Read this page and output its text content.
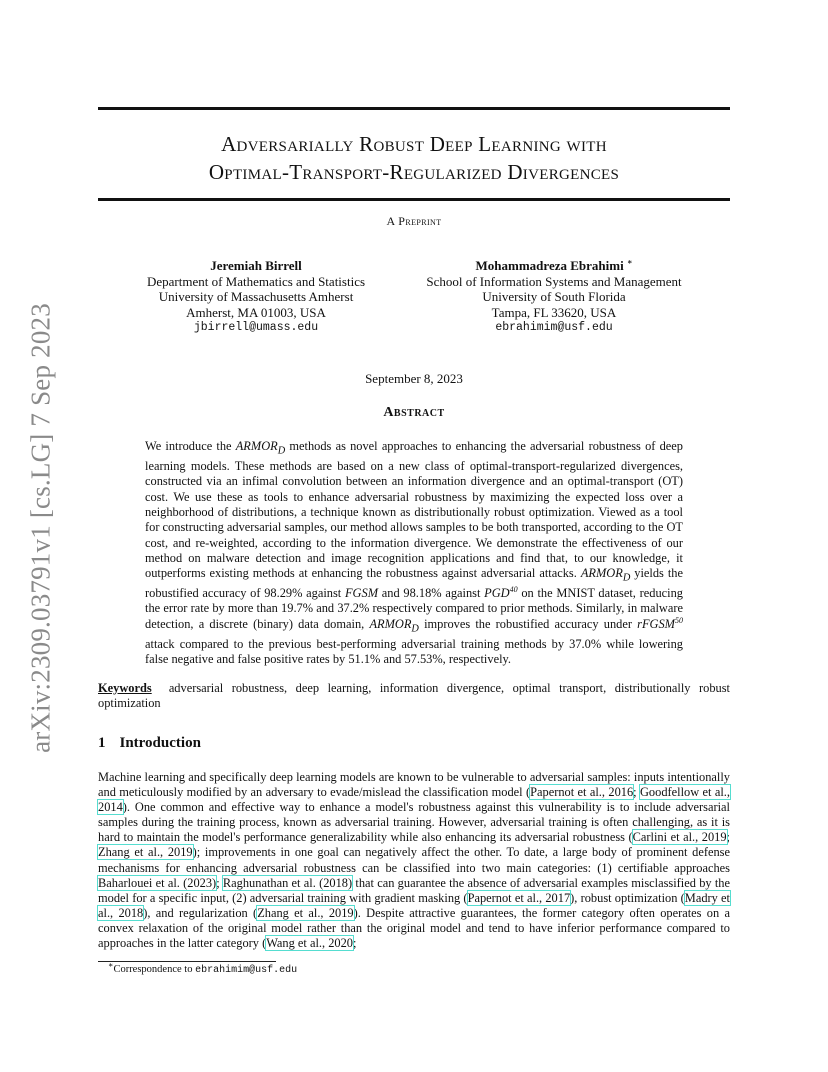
arXiv:2309.03791v1 [cs.LG] 7 Sep 2023
Adversarially Robust Deep Learning with
Optimal-Transport-Regularized Divergences
A Preprint
Jeremiah Birrell
Department of Mathematics and Statistics
University of Massachusetts Amherst
Amherst, MA 01003, USA
jbirrell@umass.edu
Mohammadreza Ebrahimi ∗
School of Information Systems and Management
University of South Florida
Tampa, FL 33620, USA
ebrahimim@usf.edu
September 8, 2023
Abstract

We introduce the $ARMOR_D$ methods as novel approaches to enhancing the adversarial robustness of deep learning models. These methods are based on a new class of optimal-transport-regularized divergences, constructed via an infimal convolution between an information divergence and an optimal-transport (OT) cost. We use these as tools to enhance adversarial robustness by maximizing the expected loss over a neighborhood of distributions, a technique known as distributionally robust optimization. Viewed as a tool for constructing adversarial samples, our method allows samples to be both transported, according to the OT cost, and re-weighted, according to the information divergence. We demonstrate the effectiveness of our method on malware detection and image recognition applications and find that, to our knowledge, it outperforms existing methods at enhancing the robustness against adversarial attacks. $ARMOR_D$ yields the robustified accuracy of 98.29% against FGSM and 98.18% against PGD$^{40}$ on the MNIST dataset, reducing the error rate by more than 19.7% and 37.2% respectively compared to prior methods. Similarly, in malware detection, a discrete (binary) data domain, $ARMOR_D$ improves the robustified accuracy under rFGSM$^{50}$ attack compared to the previous best-performing adversarial training methods by 37.0% while lowering false negative and false positive rates by 51.1% and 57.53%, respectively.

Keywords adversarial robustness, deep learning, information divergence, optimal transport, distributionally robust optimization
1 Introduction

Machine learning and specifically deep learning models are known to be vulnerable to adversarial samples: inputs intentionally and meticulously modified by an adversary to evade/mislead the classification model (Papernot et al., 2016; Goodfellow et al., 2014). One common and effective way to enhance a model's robustness against this vulnerability is to include adversarial samples during the training process, known as adversarial training. However, adversarial training is often challenging, as it is hard to maintain the model's performance generalizability while also enhancing its adversarial robustness (Carlini et al., 2019; Zhang et al., 2019); improvements in one goal can negatively affect the other. To date, a large body of prominent defense mechanisms for enhancing adversarial robustness can be classified into two main categories: (1) certifiable approaches Baharlouei et al. (2023); Raghunathan et al. (2018) that can guarantee the absence of adversarial examples misclassified by the model for a specific input, (2) adversarial training with gradient masking (Papernot et al., 2017), robust optimization (Madry et al., 2018), and regularization (Zhang et al., 2019). Despite attractive guarantees, the former category often operates on a convex relaxation of the original model rather than the original model and tend to have inferior performance compared to approaches in the latter category (Wang et al., 2020;

∗Correspondence to ebrahimim@usf.edu
